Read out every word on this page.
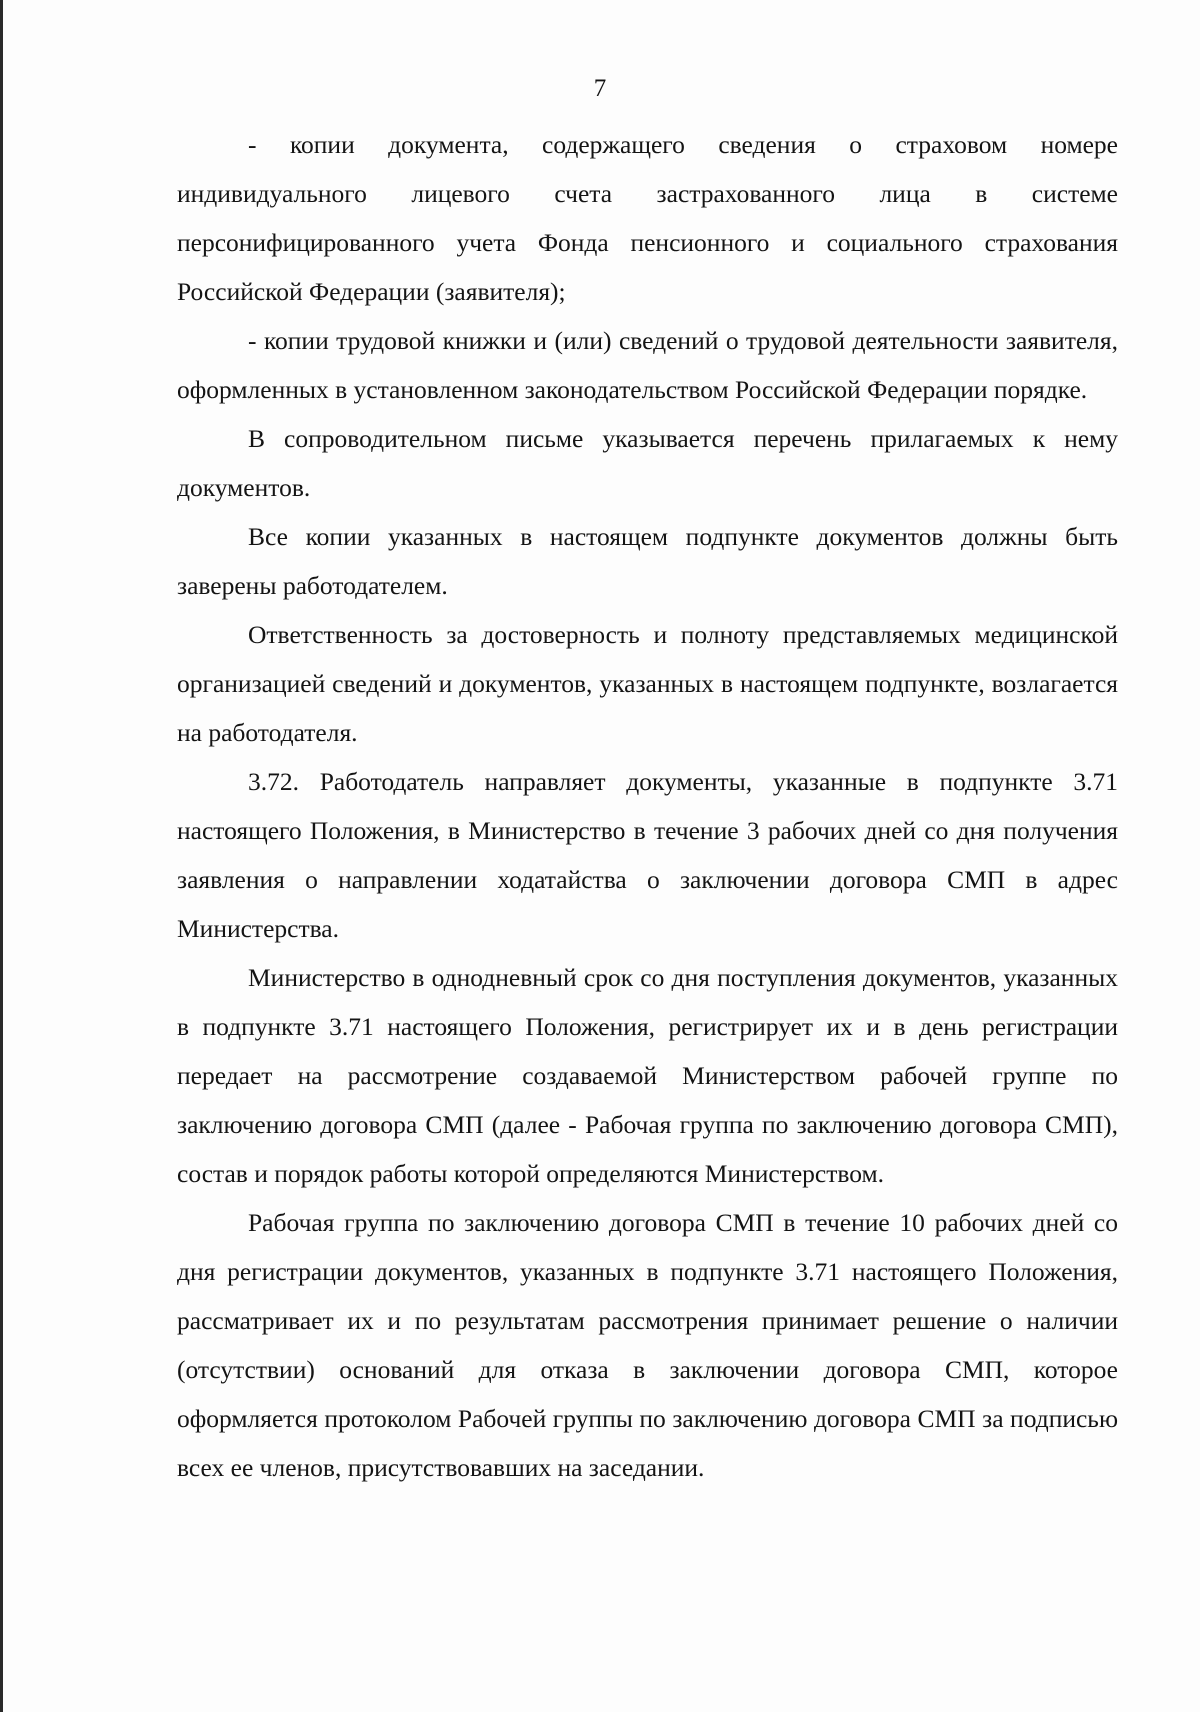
7

- копии документа, содержащего сведения о страховом номере индивидуального лицевого счета застрахованного лица в системе персонифицированного учета Фонда пенсионного и социального страхования Российской Федерации (заявителя);

- копии трудовой книжки и (или) сведений о трудовой деятельности заявителя, оформленных в установленном законодательством Российской Федерации порядке.

В сопроводительном письме указывается перечень прилагаемых к нему документов.

Все копии указанных в настоящем подпункте документов должны быть заверены работодателем.

Ответственность за достоверность и полноту представляемых медицинской организацией сведений и документов, указанных в настоящем подпункте, возлагается на работодателя.

3.72. Работодатель направляет документы, указанные в подпункте 3.71 настоящего Положения, в Министерство в течение 3 рабочих дней со дня получения заявления о направлении ходатайства о заключении договора СМП в адрес Министерства.

Министерство в однодневный срок со дня поступления документов, указанных в подпункте 3.71 настоящего Положения, регистрирует их и в день регистрации передает на рассмотрение создаваемой Министерством рабочей группе по заключению договора СМП (далее - Рабочая группа по заключению договора СМП), состав и порядок работы которой определяются Министерством.

Рабочая группа по заключению договора СМП в течение 10 рабочих дней со дня регистрации документов, указанных в подпункте 3.71 настоящего Положения, рассматривает их и по результатам рассмотрения принимает решение о наличии (отсутствии) оснований для отказа в заключении договора СМП, которое оформляется протоколом Рабочей группы по заключению договора СМП за подписью всех ее членов, присутствовавших на заседании.
